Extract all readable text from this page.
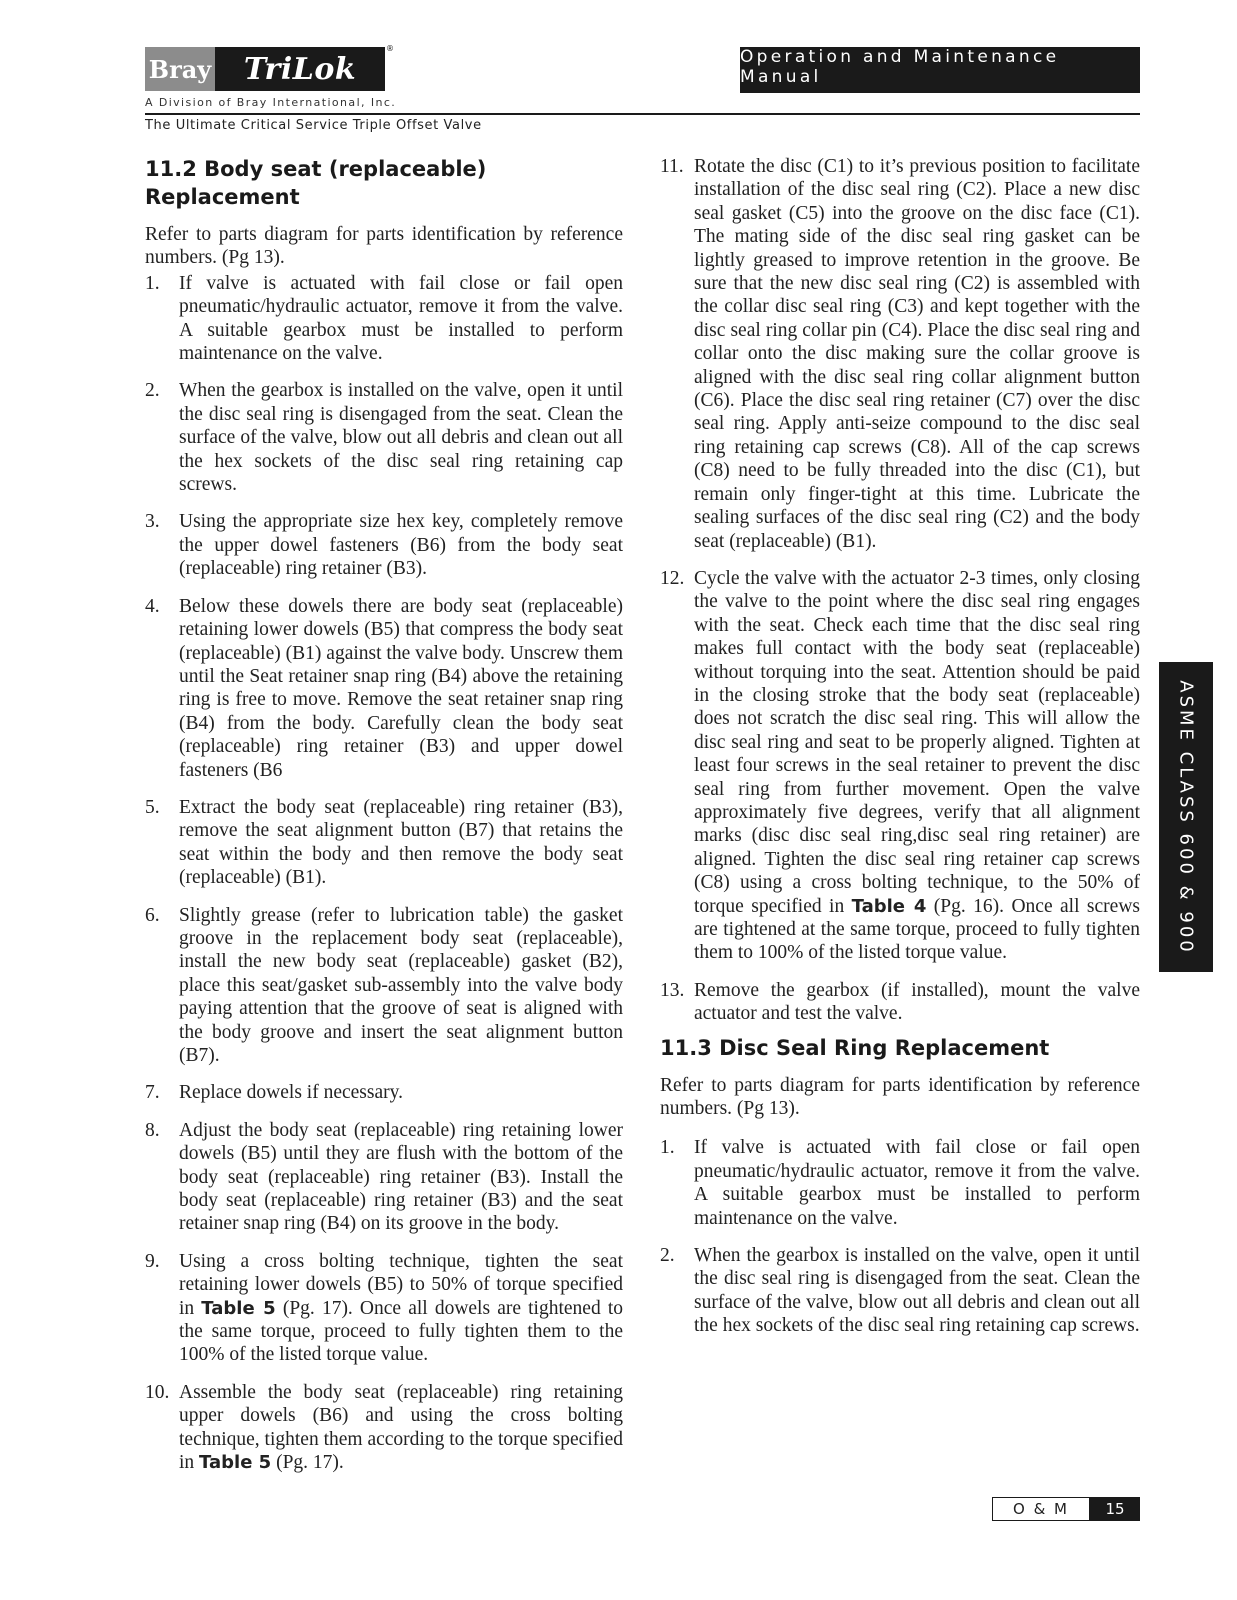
Bray	TriLok
®
A Division of Bray International, Inc.
Operation and Maintenance Manual
The Ultimate Critical Service Triple Offset Valve
11.2 Body seat (replaceable) Replacement

Refer to parts diagram for parts identification by reference numbers. (Pg 13).

1. If valve is actuated with fail close or fail open pneumatic/hydraulic actuator, remove it from the valve. A suitable gearbox must be installed to perform maintenance on the valve.
2. When the gearbox is installed on the valve, open it until the disc seal ring is disengaged from the seat. Clean the surface of the valve, blow out all debris and clean out all the hex sockets of the disc seal ring retaining cap screws.
3. Using the appropriate size hex key, completely remove the upper dowel fasteners (B6) from the body seat (replaceable) ring retainer (B3).
4. Below these dowels there are body seat (replaceable) retaining lower dowels (B5) that compress the body seat (replaceable) (B1) against the valve body. Unscrew them until the Seat retainer snap ring (B4) above the retaining ring is free to move. Remove the seat retainer snap ring (B4) from the body. Carefully clean the body seat (replaceable) ring retainer (B3) and upper dowel fasteners (B6
5. Extract the body seat (replaceable) ring retainer (B3), remove the seat alignment button (B7) that retains the seat within the body and then remove the body seat (replaceable) (B1).
6. Slightly grease (refer to lubrication table) the gasket groove in the replacement body seat (replaceable), install the new body seat (replaceable) gasket (B2), place this seat/gasket sub-assembly into the valve body paying attention that the groove of seat is aligned with the body groove and insert the seat alignment button (B7).
7. Replace dowels if necessary.
8. Adjust the body seat (replaceable) ring retaining lower dowels (B5) until they are flush with the bottom of the body seat (replaceable) ring retainer (B3). Install the body seat (replaceable) ring retainer (B3) and the seat retainer snap ring (B4) on its groove in the body.
9. Using a cross bolting technique, tighten the seat retaining lower dowels (B5) to 50% of torque specified in Table 5 (Pg. 17). Once all dowels are tightened to the same torque, proceed to fully tighten them to the 100% of the listed torque value.
10. Assemble the body seat (replaceable) ring retaining upper dowels (B6) and using the cross bolting technique, tighten them according to the torque specified in Table 5 (Pg. 17).
11. Rotate the disc (C1) to it’s previous position to facilitate installation of the disc seal ring (C2). Place a new disc seal gasket (C5) into the groove on the disc face (C1). The mating side of the disc seal ring gasket can be lightly greased to improve retention in the groove. Be sure that the new disc seal ring (C2) is assembled with the collar disc seal ring (C3) and kept together with the disc seal ring collar pin (C4). Place the disc seal ring and collar onto the disc making sure the collar groove is aligned with the disc seal ring collar alignment button (C6). Place the disc seal ring retainer (C7) over the disc seal ring. Apply anti-seize compound to the disc seal ring retaining cap screws (C8). All of the cap screws (C8) need to be fully threaded into the disc (C1), but remain only finger-tight at this time. Lubricate the sealing surfaces of the disc seal ring (C2) and the body seat (replaceable) (B1).
12. Cycle the valve with the actuator 2-3 times, only closing the valve to the point where the disc seal ring engages with the seat. Check each time that the disc seal ring makes full contact with the body seat (replaceable) without torquing into the seat. Attention should be paid in the closing stroke that the body seat (replaceable) does not scratch the disc seal ring. This will allow the disc seal ring and seat to be properly aligned. Tighten at least four screws in the seal retainer to prevent the disc seal ring from further movement. Open the valve approximately five degrees, verify that all alignment marks (disc disc seal ring,disc seal ring retainer) are aligned. Tighten the disc seal ring retainer cap screws (C8) using a cross bolting technique, to the 50% of torque specified in Table 4 (Pg. 16). Once all screws are tightened at the same torque, proceed to fully tighten them to 100% of the listed torque value.
13. Remove the gearbox (if installed), mount the valve actuator and test the valve.
11.3 Disc Seal Ring Replacement

Refer to parts diagram for parts identification by reference numbers. (Pg 13).

1. If valve is actuated with fail close or fail open pneumatic/hydraulic actuator, remove it from the valve. A suitable gearbox must be installed to perform maintenance on the valve.
2. When the gearbox is installed on the valve, open it until the disc seal ring is disengaged from the seat. Clean the surface of the valve, blow out all debris and clean out all the hex sockets of the disc seal ring retaining cap screws.
ASME CLASS 600 & 900
O & M	15
